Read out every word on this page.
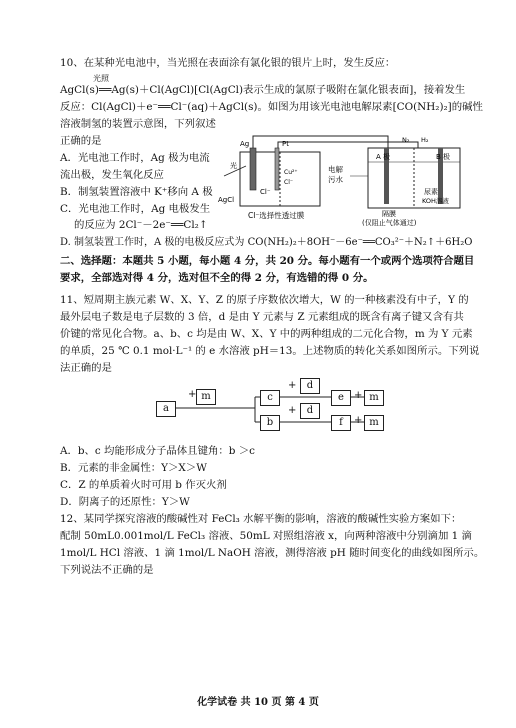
10、在某种光电池中，当光照在表面涂有氯化银的银片上时，发生反应：
光照
AgCl(s)══Ag(s)＋Cl(AgCl)[Cl(AgCl)表示生成的氯原子吸附在氯化银表面]，接着发生
反应：Cl(AgCl)＋e⁻══Cl⁻(aq)＋AgCl(s)。如图为用该光电池电解尿素[CO(NH₂)₂]的碱性
溶液制氢的装置示意图，下列叙述
正确的是
A．光电池工作时，Ag 极为电流
流出极，发生氧化反应
B．制氢装置溶液中 K⁺移向 A 极
C．光电池工作时，Ag 电极发生
的反应为 2Cl⁻－2e⁻══Cl₂↑
D. 制氢装置工作时，A 极的电极反应式为 CO(NH₂)₂＋8OH⁻－6e⁻══CO₃²⁻＋N₂↑＋6H₂O
Ag	Pt
AgCl
Cl⁻
Cu²⁺
Cl⁻
Cl⁻选择性透过膜
光
A 极	B 极
H₂
N₂
电解
污水
尿素
KOH溶液
隔膜
(仅阻止气体通过)
二、选择题：本题共 5 小题，每小题 4 分，共 20 分。每小题有一个或两个选项符合题目
要求，全部选对得 4 分，选对但不全的得 2 分，有选错的得 0 分。
11、短周期主族元素 W、X、Y、Z 的原子序数依次增大，W 的一种核素没有中子，Y 的
最外层电子数是电子层数的 3 倍，d 是由 Y 元素与 Z 元素组成的既含有离子键又含有共
价键的常见化合物。a、b、c 均是由 W、X、Y 中的两种组成的二元化合物，m 为 Y 元素
的单质，25 ℃ 0.1 mol·L⁻¹ 的 e 水溶液 pH＝13。上述物质的转化关系如图所示。下列说
法正确的是
a
+ m	c
b
+	d
+	d
e
f
+ m
+ m
A．b、c 均能形成分子晶体且键角：b ＞c
B．元素的非金属性：Y＞X＞W
C．Z 的单质着火时可用 b 作灭火剂
D．阴离子的还原性：Y＞W
12、某同学探究溶液的酸碱性对 FeCl₃ 水解平衡的影响，溶液的酸碱性实验方案如下：
配制 50mL0.001mol/L FeCl₃ 溶液、50mL 对照组溶液 x，向两种溶液中分别滴加 1 滴
1mol/L HCl 溶液、1 滴 1mol/L NaOH 溶液，测得溶液 pH 随时间变化的曲线如图所示。
下列说法不正确的是
化学试卷 共 10 页 第 4 页
